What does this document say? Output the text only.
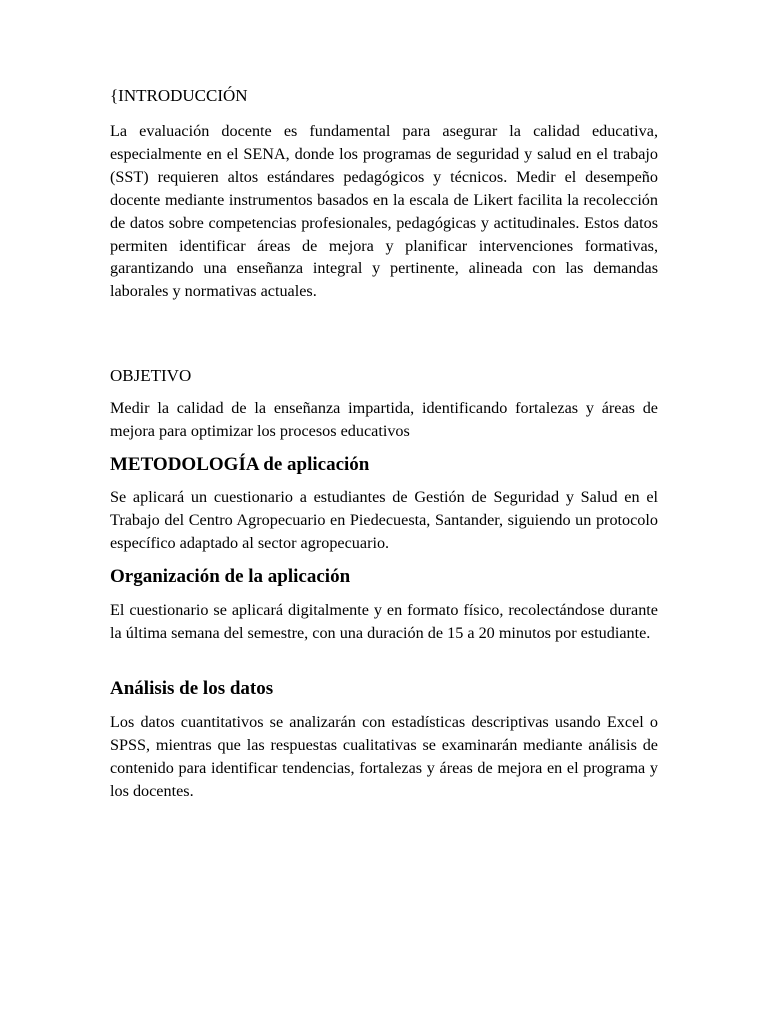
{INTRODUCCIÓN

La evaluación docente es fundamental para asegurar la calidad educativa, especialmente en el SENA, donde los programas de seguridad y salud en el trabajo (SST) requieren altos estándares pedagógicos y técnicos. Medir el desempeño docente mediante instrumentos basados en la escala de Likert facilita la recolección de datos sobre competencias profesionales, pedagógicas y actitudinales. Estos datos permiten identificar áreas de mejora y planificar intervenciones formativas, garantizando una enseñanza integral y pertinente, alineada con las demandas laborales y normativas actuales.

OBJETIVO

Medir la calidad de la enseñanza impartida, identificando fortalezas y áreas de mejora para optimizar los procesos educativos

METODOLOGÍA de aplicación

Se aplicará un cuestionario a estudiantes de Gestión de Seguridad y Salud en el Trabajo del Centro Agropecuario en Piedecuesta, Santander, siguiendo un protocolo específico adaptado al sector agropecuario.

Organización de la aplicación

El cuestionario se aplicará digitalmente y en formato físico, recolectándose durante la última semana del semestre, con una duración de 15 a 20 minutos por estudiante.

Análisis de los datos

Los datos cuantitativos se analizarán con estadísticas descriptivas usando Excel o SPSS, mientras que las respuestas cualitativas se examinarán mediante análisis de contenido para identificar tendencias, fortalezas y áreas de mejora en el programa y los docentes.
